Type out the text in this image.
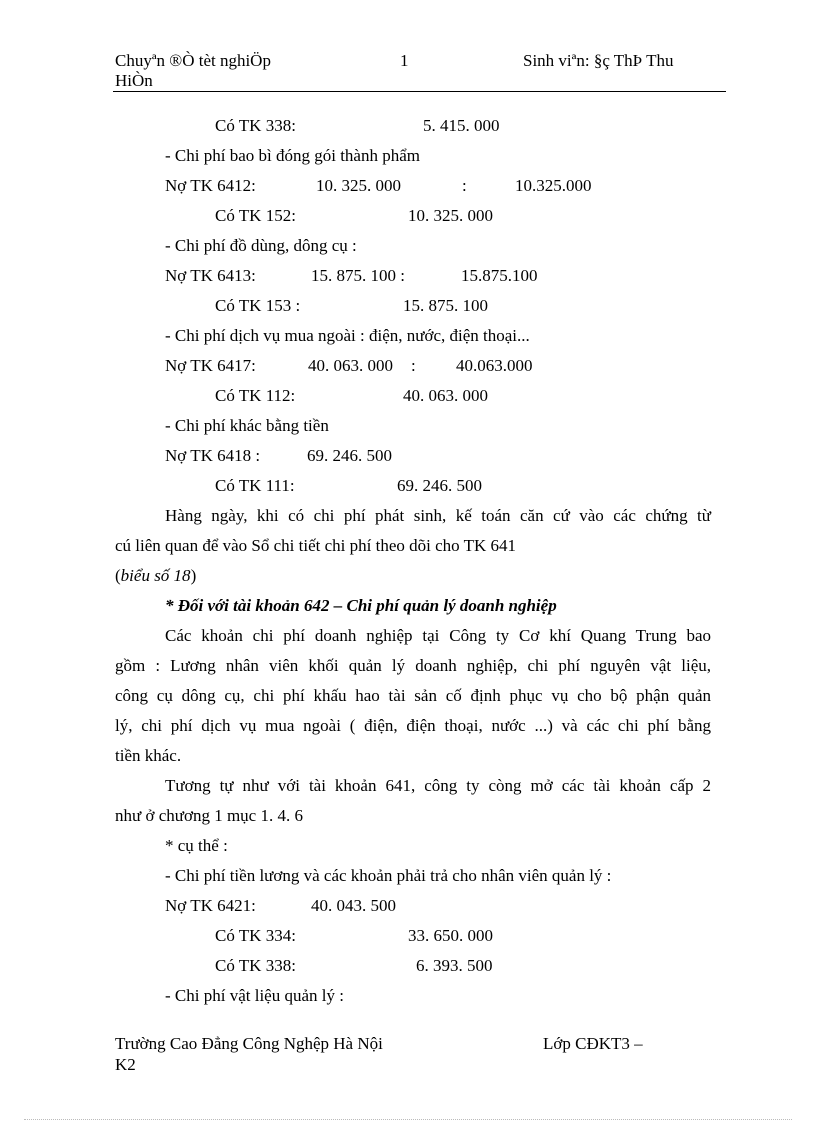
Chuyªn ®Ò tèt nghiÖp
HiÒn
1	Sinh viªn: §ç ThÞ Thu
Có TK 338:	5. 415. 000
- Chi phí bao bì đóng gói thành phẩm
Nợ TK 6412:	10. 325. 000	:	10.325.000
Có TK 152:	10. 325. 000
- Chi phí đồ dùng, dông cụ :
Nợ TK 6413:	15. 875. 100 :	15.875.100
Có TK 153 :	15. 875. 100
- Chi phí dịch vụ mua ngoài : điện, nước, điện thoại...
Nợ TK 6417:	40. 063. 000 : 40.063.000
Có TK 112:	40. 063. 000
- Chi phí khác bằng tiền
Nợ TK 6418 :	69. 246. 500
Có TK 111:	69. 246. 500
Hàng ngày, khi có chi phí phát sinh, kế toán căn cứ vào các chứng từ
cú liên quan để vào Sổ chi tiết chi phí theo dõi cho TK 641
(biểu số 18)
* Đối với tài khoản 642 – Chi phí quản lý doanh nghiệp
Các khoản chi phí doanh nghiệp tại Công ty Cơ khí Quang Trung bao
gồm : Lương nhân viên khối quản lý doanh nghiệp, chi phí nguyên vật liệu,
công cụ dông cụ, chi phí khấu hao tài sản cố định phục vụ cho bộ phận quản
lý, chi phí dịch vụ mua ngoài ( điện, điện thoại, nước ...) và các chi phí bằng
tiền khác.
Tương tự như với tài khoản 641, công ty còng mở các tài khoản cấp 2
như ở chương 1 mục 1. 4. 6
* cụ thể :
- Chi phí tiền lương và các khoản phải trả cho nhân viên quản lý :
Nợ TK 6421:	40. 043. 500
Có TK 334:	33. 650. 000
Có TK 338:	6. 393. 500
- Chi phí vật liệu quản lý :
Trường Cao Đẳng Công Nghệp Hà Nội
K2
Lớp CĐKT3 –
